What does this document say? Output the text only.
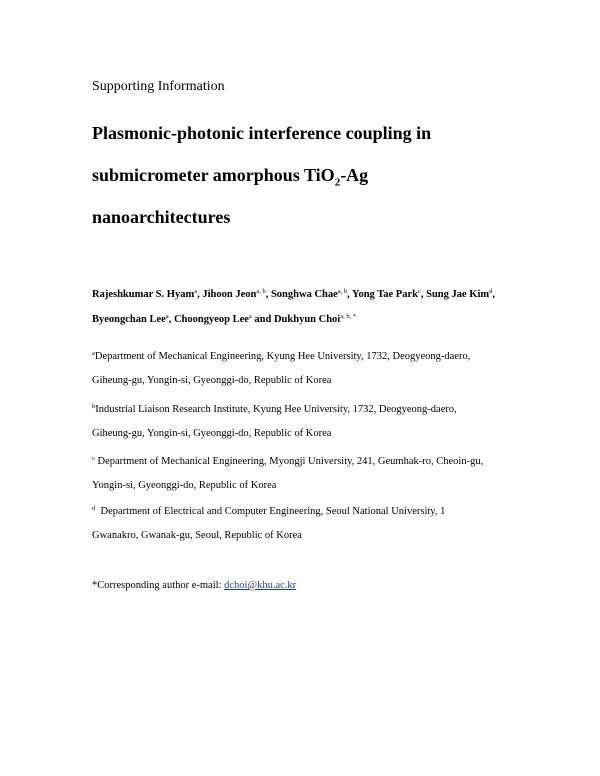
Supporting Information
Plasmonic-photonic interference coupling in
submicrometer amorphous TiO$_2$-Ag
nanoarchitectures
Rajeshkumar S. Hyam$^a$, Jihoon Jeon$^{a, b}$, Songhwa Chae$^{a, b}$, Yong Tae Park$^c$, Sung Jae Kim$^d$,
Byeongchan Lee$^a$, Choongyeop Lee$^a$ and Dukhyun Choi$^{a, b, *}$
$^a$Department of Mechanical Engineering, Kyung Hee University, 1732, Deogyeong-daero,
Giheung-gu, Yongin-si, Gyeonggi-do, Republic of Korea
$^b$Industrial Liaison Research Institute, Kyung Hee University, 1732, Deogyeong-daero,
Giheung-gu, Yongin-si, Gyeonggi-do, Republic of Korea
$^c$ Department of Mechanical Engineering, Myongji University, 241, Geumhak-ro, Cheoin-gu,
Yongin-si, Gyeonggi-do, Republic of Korea
$^d$  Department of Electrical and Computer Engineering, Seoul National University, 1
Gwanakro, Gwanak-gu, Seoul, Republic of Korea
*Corresponding author e-mail: dchoi@khu.ac.kr
